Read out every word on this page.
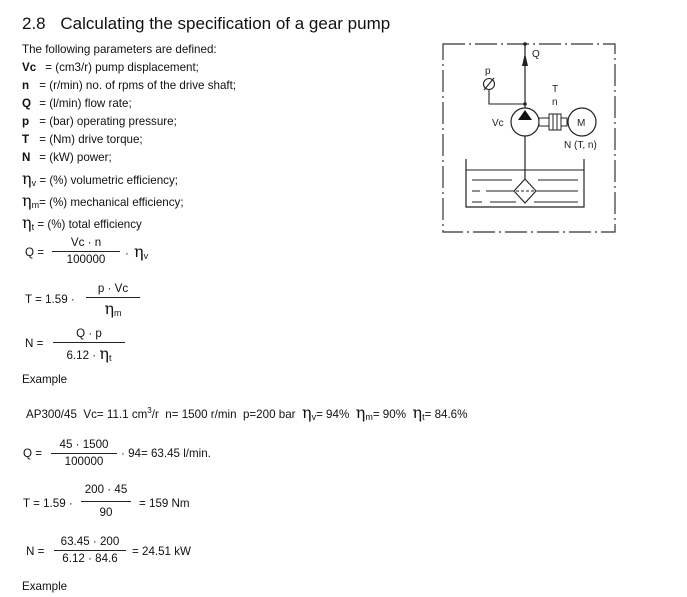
2.8 Calculating the specification of a gear pump
The following parameters are defined:
Vc = (cm3/r) pump displacement;
n = (r/min) no. of rpms of the drive shaft;
Q = (l/min) flow rate;
p = (bar) operating pressure;
T = (Nm) drive torque;
N = (kW) power;
$\eta_v$ = (%) volumetric efficiency;
$\eta_m=$ (%) mechanical efficiency;
$\eta_t$ = (%) total efficiency
Q =
Vc · n
100000	· $\eta_v$
T = 1.59 ·
p · Vc
$\eta_m$
N =
Q · p
$6.12 \cdot \eta_t$
Example
AP300/45 Vc= 11.1 $cm^3/r$ n= 1500 r/min p=200 bar $\eta_v= 94\%$ $\eta_m= 90\%$ $\eta_t= 84.6\%$
Q =
45 · 1500
100000
· 94= 63.45 l/min.
T = 1.59 ·
200 · 45
90
= 159 Nm
N =
63.45 · 200
6.12 · 84.6
= 24.51 kW
Example
Q
p
Vc
T
n
M
N (T, n)
